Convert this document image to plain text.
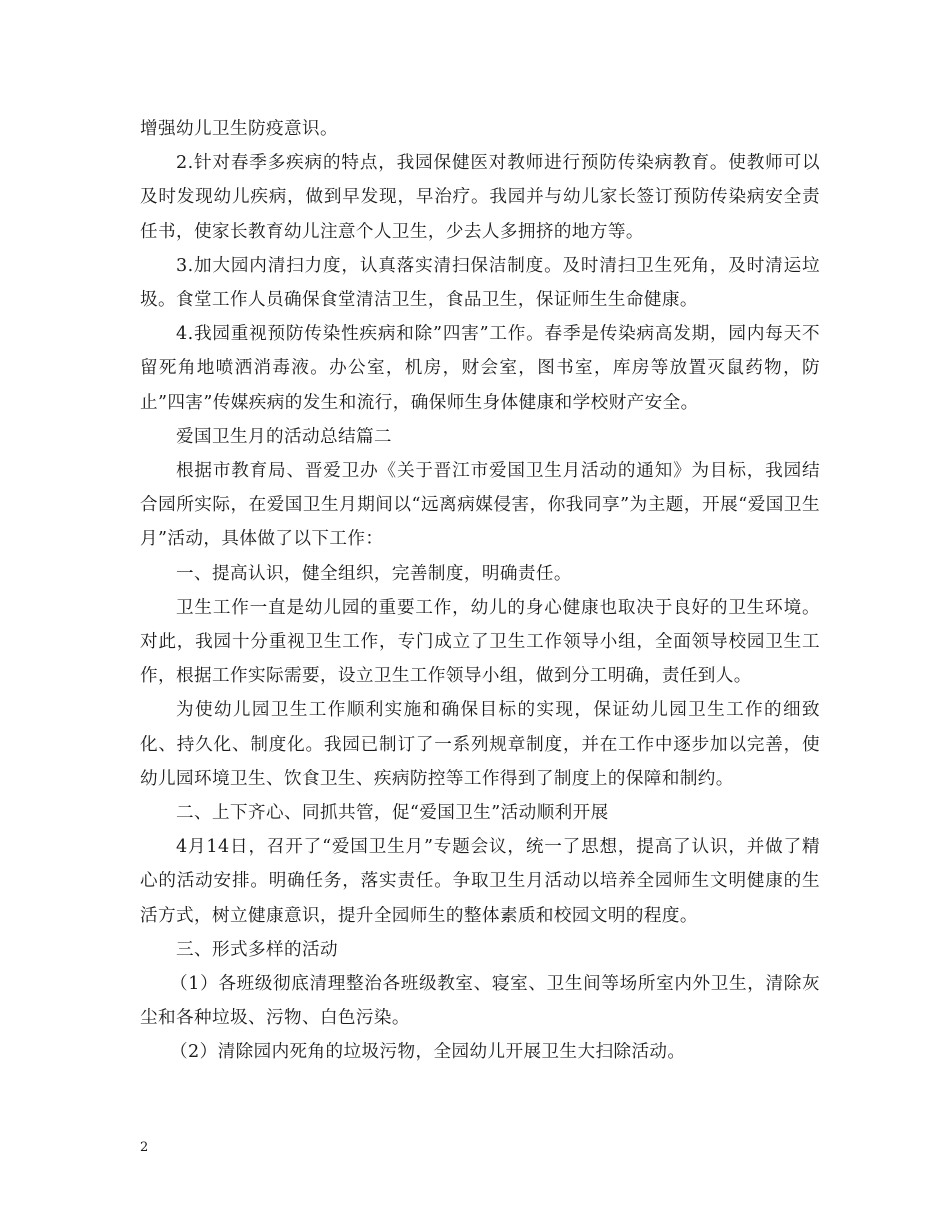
增强幼儿卫生防疫意识。

2.针对春季多疾病的特点，我园保健医对教师进行预防传染病教育。使教师可以及时发现幼儿疾病，做到早发现，早治疗。我园并与幼儿家长签订预防传染病安全责任书，使家长教育幼儿注意个人卫生，少去人多拥挤的地方等。

3.加大园内清扫力度，认真落实清扫保洁制度。及时清扫卫生死角，及时清运垃圾。食堂工作人员确保食堂清洁卫生，食品卫生，保证师生生命健康。

4.我园重视预防传染性疾病和除”四害”工作。春季是传染病高发期，园内每天不留死角地喷洒消毒液。办公室，机房，财会室，图书室，库房等放置灭鼠药物，防止”四害”传媒疾病的发生和流行，确保师生身体健康和学校财产安全。

爱国卫生月的活动总结篇二

根据市教育局、晋爱卫办《关于晋江市爱国卫生月活动的通知》为目标，我园结合园所实际，在爱国卫生月期间以“远离病媒侵害，你我同享”为主题，开展“爱国卫生月”活动，具体做了以下工作：

一、提高认识，健全组织，完善制度，明确责任。

卫生工作一直是幼儿园的重要工作，幼儿的身心健康也取决于良好的卫生环境。对此，我园十分重视卫生工作，专门成立了卫生工作领导小组，全面领导校园卫生工作，根据工作实际需要，设立卫生工作领导小组，做到分工明确，责任到人。

为使幼儿园卫生工作顺利实施和确保目标的实现，保证幼儿园卫生工作的细致化、持久化、制度化。我园已制订了一系列规章制度，并在工作中逐步加以完善，使幼儿园环境卫生、饮食卫生、疾病防控等工作得到了制度上的保障和制约。

二、上下齐心、同抓共管，促“爱国卫生”活动顺利开展

4月14日，召开了“爱国卫生月”专题会议，统一了思想，提高了认识，并做了精心的活动安排。明确任务，落实责任。争取卫生月活动以培养全园师生文明健康的生活方式，树立健康意识，提升全园师生的整体素质和校园文明的程度。

三、形式多样的活动

（1）各班级彻底清理整治各班级教室、寝室、卫生间等场所室内外卫生，清除灰尘和各种垃圾、污物、白色污染。

（2）清除园内死角的垃圾污物，全园幼儿开展卫生大扫除活动。

2
